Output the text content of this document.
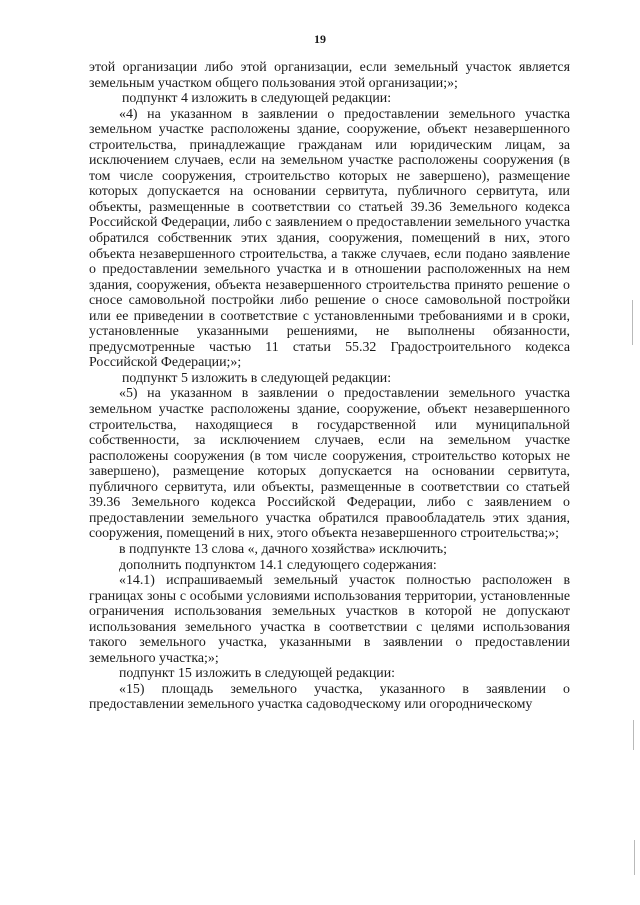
19

этой организации либо этой организации, если земельный участок является земельным участком общего пользования этой организации;»;

подпункт 4 изложить в следующей редакции:

«4) на указанном в заявлении о предоставлении земельного участка земельном участке расположены здание, сооружение, объект незавершенного строительства, принадлежащие гражданам или юридическим лицам, за исключением случаев, если на земельном участке расположены сооружения (в том числе сооружения, строительство которых не завершено), размещение которых допускается на основании сервитута, публичного сервитута, или объекты, размещенные в соответствии со статьей 39.36 Земельного кодекса Российской Федерации, либо с заявлением о предоставлении земельного участка обратился собственник этих здания, сооружения, помещений в них, этого объекта незавершенного строительства, а также случаев, если подано заявление о предоставлении земельного участка и в отношении расположенных на нем здания, сооружения, объекта незавершенного строительства принято решение о сносе самовольной постройки либо решение о сносе самовольной постройки или ее приведении в соответствие с установленными требованиями и в сроки, установленные указанными решениями, не выполнены обязанности, предусмотренные частью 11 статьи 55.32 Градостроительного кодекса Российской Федерации;»;

подпункт 5 изложить в следующей редакции:

«5) на указанном в заявлении о предоставлении земельного участка земельном участке расположены здание, сооружение, объект незавершенного строительства, находящиеся в государственной или муниципальной собственности, за исключением случаев, если на земельном участке расположены сооружения (в том числе сооружения, строительство которых не завершено), размещение которых допускается на основании сервитута, публичного сервитута, или объекты, размещенные в соответствии со статьей 39.36 Земельного кодекса Российской Федерации, либо с заявлением о предоставлении земельного участка обратился правообладатель этих здания, сооружения, помещений в них, этого объекта незавершенного строительства;»;

в подпункте 13 слова «, дачного хозяйства» исключить;

дополнить подпунктом 14.1 следующего содержания:

«14.1) испрашиваемый земельный участок полностью расположен в границах зоны с особыми условиями использования территории, установленные ограничения использования земельных участков в которой не допускают использования земельного участка в соответствии с целями использования такого земельного участка, указанными в заявлении о предоставлении земельного участка;»;

подпункт 15 изложить в следующей редакции:

«15) площадь земельного участка, указанного в заявлении о предоставлении земельного участка садоводческому или огородническому
